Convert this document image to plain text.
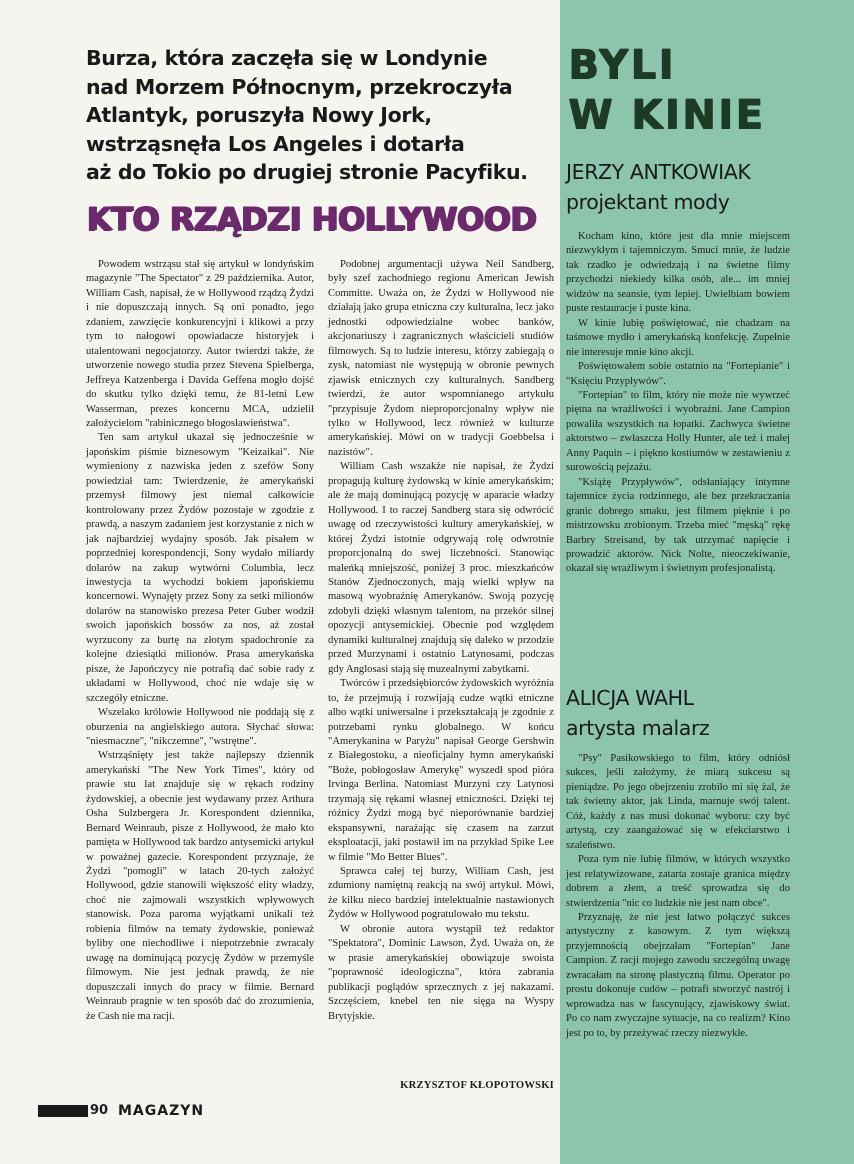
Burza, która zaczęła się w Londynie
nad Morzem Północnym, przekroczyła
Atlantyk, poruszyła Nowy Jork,
wstrząsnęła Los Angeles i dotarła
aż do Tokio po drugiej stronie Pacyfiku.
KTO RZĄDZI HOLLYWOOD

Powodem wstrząsu stał się artykuł w londyńskim magazynie "The Spectator" z 29 października. Autor, William Cash, napisał, że w Hollywood rządzą Żydzi i nie dopuszczają innych. Są oni ponadto, jego zdaniem, zawzięcie konkurencyjni i klikowi a przy tym to nałogowi opowiadacze historyjek i utalentowani negocjatorzy. Autor twierdzi także, że utworzenie nowego studia przez Stevena Spielberga, Jeffreya Katzenberga i Davida Geffena mogło dojść do skutku tylko dzięki temu, że 81-letni Lew Wasserman, prezes koncernu MCA, udzielił założycielom "rabinicznego błogosławieństwa".

Ten sam artykuł ukazał się jednocześnie w japońskim piśmie biznesowym "Keizaikai". Nie wymieniony z nazwiska jeden z szefów Sony powiedział tam: Twierdzenie, że amerykański przemysł filmowy jest niemal całkowicie kontrolowany przez Żydów pozostaje w zgodzie z prawdą, a naszym zadaniem jest korzystanie z nich w jak najbardziej wydajny sposób. Jak pisałem w poprzedniej korespondencji, Sony wydało miliardy dolarów na zakup wytwórni Columbia, lecz inwestycja ta wychodzi bokiem japońskiemu koncernowi. Wynajęty przez Sony za setki milionów dolarów na stanowisko prezesa Peter Guber wodził swoich japońskich bossów za nos, aż został wyrzucony za burtę na złotym spadochronie za kolejne dziesiątki milionów. Prasa amerykańska pisze, że Japończycy nie potrafią dać sobie rady z układami w Hollywood, choć nie wdaje się w szczegóły etniczne.

Wszelako królowie Hollywood nie poddają się z oburzenia na angielskiego autora. Słychać słowa: "niesmaczne", "nikczemne", "wstrętne".

Wstrząśnięty jest także najlepszy dziennik amerykański "The New York Times", który od prawie stu lat znajduje się w rękach rodziny żydowskiej, a obecnie jest wydawany przez Arthura Osha Sulzbergera Jr. Korespondent dziennika, Bernard Weinraub, pisze z Hollywood, że mało kto pamięta w Hollywood tak bardzo antysemicki artykuł w poważnej gazecie. Korespondent przyznaje, że Żydzi "pomogli" w latach 20-tych założyć Hollywood, gdzie stanowili większość elity władzy, choć nie zajmowali wszystkich wpływowych stanowisk. Poza paroma wyjątkami unikali też robienia filmów na tematy żydowskie, ponieważ byliby one niechodliwe i niepotrzebnie zwracały uwagę na dominującą pozycję Żydów w przemyśle filmowym. Nie jest jednak prawdą, że nie dopuszczali innych do pracy w filmie. Bernard Weinraub pragnie w ten sposób dać do zrozumienia, że Cash nie ma racji.

Podobnej argumentacji używa Neil Sandberg, były szef zachodniego regionu American Jewish Committe. Uważa on, że Żydzi w Hollywood nie działają jako grupa etniczna czy kulturalna, lecz jako jednostki odpowiedzialne wobec banków, akcjonariuszy i zagranicznych właścicieli studiów filmowych. Są to ludzie interesu, którzy zabiegają o zysk, natomiast nie występują w obronie pewnych zjawisk etnicznych czy kulturalnych. Sandberg twierdzi, że autor wspomnianego artykułu "przypisuje Żydom nieproporcjonalny wpływ nie tylko w Hollywood, lecz również w kulturze amerykańskiej. Mówi on w tradycji Goebbelsa i nazistów".

William Cash wszakże nie napisał, że Żydzi propagują kulturę żydowską w kinie amerykańskim; ale że mają dominującą pozycję w aparacie władzy Hollywood. I to raczej Sandberg stara się odwrócić uwagę od rzeczywistości kultury amerykańskiej, w której Żydzi istotnie odgrywają rolę odwrotnie proporcjonalną do swej liczebności. Stanowiąc maleńką mniejszość, poniżej 3 proc. mieszkańców Stanów Zjednoczonych, mają wielki wpływ na masową wyobraźnię Amerykanów. Swoją pozycję zdobyli dzięki własnym talentom, na przekór silnej opozycji antysemickiej. Obecnie pod względem dynamiki kulturalnej znajdują się daleko w przodzie przed Murzynami i ostatnio Latynosami, podczas gdy Anglosasi stają się muzealnymi zabytkami.

Twórców i przedsiębiorców żydowskich wyróżnia to, że przejmują i rozwijają cudze wątki etniczne albo wątki uniwersalne i przekształcają je zgodnie z potrzebami rynku globalnego. W końcu "Amerykanina w Paryżu" napisał George Gershwin z Białegostoku, a nieoficjalny hymn amerykański "Boże, pobłogosław Amerykę" wyszedł spod pióra Irvinga Berlina. Natomiast Murzyni czy Latynosi trzymają się rękami własnej etniczności. Dzięki tej różnicy Żydzi mogą być nieporównanie bardziej ekspansywni, narażając się czasem na zarzut eksploatacji, jaki postawił im na przykład Spike Lee w filmie "Mo Better Blues".

Sprawca całej tej burzy, William Cash, jest zdumiony namiętną reakcją na swój artykuł. Mówi, że kilku nieco bardziej intelektualnie nastawionych Żydów w Hollywood pogratulowało mu tekstu.

W obronie autora wystąpił też redaktor "Spektatora", Dominic Lawson, Żyd. Uważa on, że w prasie amerykańskiej obowiązuje swoista "poprawność ideologiczna", która zabrania publikacji poglądów sprzecznych z jej nakazami. Szczęściem, knebel ten nie sięga na Wyspy Brytyjskie.

KRZYSZTOF KŁOPOTOWSKI
90 MAGAZYN
BYLI
W KINIE
JERZY ANTKOWIAK
projektant mody

Kocham kino, które jest dla mnie miejscem niezwykłym i tajemniczym. Smuci mnie, że ludzie tak rzadko je odwiedzają i na świetne filmy przychodzi niekiedy kilka osób, ale... im mniej widzów na seansie, tym lepiej. Uwielbiam bowiem puste restauracje i puste kina.

W kinie lubię poświętować, nie chadzam na taśmowe mydło i amerykańską konfekcję. Zupełnie nie interesuje mnie kino akcji.

Poświętowałem sobie ostatnio na "Fortepianie" i "Księciu Przypływów".

"Fortepian" to film, który nie może nie wywrzeć piętna na wrażliwości i wyobraźni. Jane Campion powaliła wszystkich na łopatki. Zachwyca świetne aktorstwo – zwłaszcza Holly Hunter, ale też i małej Anny Paquin – i piękno kostiumów w zestawieniu z surowością pejzażu.

"Książę Przypływów", odsłaniający intymne tajemnice życia rodzinnego, ale bez przekraczania granic dobrego smaku, jest filmem pięknie i po mistrzowsku zrobionym. Trzeba mieć "męską" rękę Barbry Streisand, by tak utrzymać napięcie i prowadzić aktorów. Nick Nolte, nieoczekiwanie, okazał się wrażliwym i świetnym profesjonalistą.

ALICJA WAHL
artysta malarz

"Psy" Pasikowskiego to film, który odniósł sukces, jeśli założymy, że miarą sukcesu są pieniądze. Po jego obejrzeniu zrobiło mi się żal, że tak świetny aktor, jak Linda, marnuje swój talent. Cóż, każdy z nas musi dokonać wyboru: czy być artystą, czy zaangażować się w efekciarstwo i szaleństwo.

Poza tym nie lubię filmów, w których wszystko jest relatywizowane, zatarta zostaje granica między dobrem a złem, a treść sprowadza się do stwierdzenia "nic co ludzkie nie jest nam obce".

Przyznaję, że nie jest łatwo połączyć sukces artystyczny z kasowym. Z tym większą przyjemnością obejrzałam "Fortepian" Jane Campion. Z racji mojego zawodu szczególną uwagę zwracałam na stronę plastyczną filmu. Operator po prostu dokonuje cudów – potrafi stworzyć nastrój i wprowadza nas w fascynujący, zjawiskowy świat. Po co nam zwyczajne sytuacje, na co realizm? Kino jest po to, by przeżywać rzeczy niezwykłe.
